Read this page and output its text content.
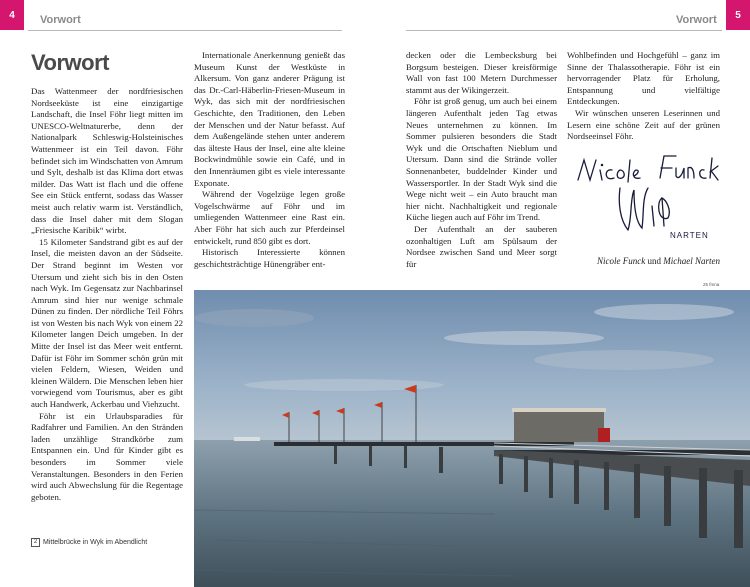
4	Vorwort	5
Vorwort
Vorwort

Das Wattenmeer der nordfriesischen Nordseeküste ist eine einzigartige Landschaft, die Insel Föhr liegt mitten im UNESCO-Weltnaturerbe, denn der Nationalpark Schleswig-Holsteinisches Wattenmeer ist ein Teil davon. Föhr befindet sich im Windschatten von Amrum und Sylt, deshalb ist das Klima dort etwas milder. Das Watt ist flach und die offene See ein Stück entfernt, sodass das Wasser meist auch relativ warm ist. Verständlich, dass die Insel daher mit dem Slogan „Friesische Karibik“ wirbt.

15 Kilometer Sandstrand gibt es auf der Insel, die meisten davon an der Südseite. Der Strand beginnt im Westen vor Utersum und zieht sich bis in den Osten nach Wyk. Im Gegensatz zur Nachbarinsel Amrum sind hier nur wenige schmale Dünen zu finden. Der nördliche Teil Föhrs ist von Westen bis nach Wyk von einem 22 Kilometer langen Deich umgeben. In der Mitte der Insel ist das Meer weit entfernt. Dafür ist Föhr im Sommer schön grün mit vielen Feldern, Wiesen, Weiden und kleinen Wäldern. Die Menschen leben hier vorwiegend vom Tourismus, aber es gibt auch Handwerk, Ackerbau und Viehzucht.

Föhr ist ein Urlaubsparadies für Radfahrer und Familien. An den Stränden laden unzählige Strandkörbe zum Entspannen ein. Und für Kinder gibt es besonders im Sommer viele Veranstaltungen. Besonders in den Ferien wird auch Abwechslung für die Regentage geboten.

Internationale Anerkennung genießt das Museum Kunst der Westküste in Alkersum. Von ganz anderer Prägung ist das Dr.-Carl-Häberlin-Friesen-Museum in Wyk, das sich mit der nordfriesischen Geschichte, den Traditionen, den Leben der Menschen und der Natur befasst. Auf dem Außengelände stehen unter anderem das älteste Haus der Insel, eine alte kleine Bockwindmühle sowie ein Café, und in den Innenräumen gibt es viele interessante Exponate.

Während der Vogelzüge legen große Vogelschwärme auf Föhr und im umliegenden Wattenmeer eine Rast ein. Aber Föhr hat sich auch zur Pferdeinsel entwickelt, rund 850 gibt es dort.

Historisch Interessierte können geschichtsträchtige Hünengräber ent-

decken oder die Lembecksburg bei Borgsum besteigen. Dieser kreisförmige Wall von fast 100 Metern Durchmesser stammt aus der Wikingerzeit.

Föhr ist groß genug, um auch bei einem längeren Aufenthalt jeden Tag etwas Neues unternehmen zu können. Im Sommer pulsieren besonders die Stadt Wyk und die Ortschaften Nieblum und Utersum. Dann sind die Strände voller Sonnenanbeter, buddelnder Kinder und Wassersportler. In der Stadt Wyk sind die Wege nicht weit – ein Auto braucht man hier nicht. Nachhaltigkeit und regionale Küche liegen auch auf Föhr im Trend.

Der Aufenthalt an der sauberen ozonhaltigen Luft am Spülsaum der Nordsee zwischen Sand und Meer sorgt für

Wohlbefinden und Hochgefühl – ganz im Sinne der Thalassotherapie. Föhr ist ein hervorragender Platz für Erholung, Entspannung und vielfältige Entdeckungen.

Wir wünschen unseren Leserinnen und Lesern eine schöne Zeit auf der grünen Nordseeinsel Föhr.

NARTEN
Nicole Funck und Michael Narten
25 fmna
2 Mittelbrücke in Wyk im Abendlicht
